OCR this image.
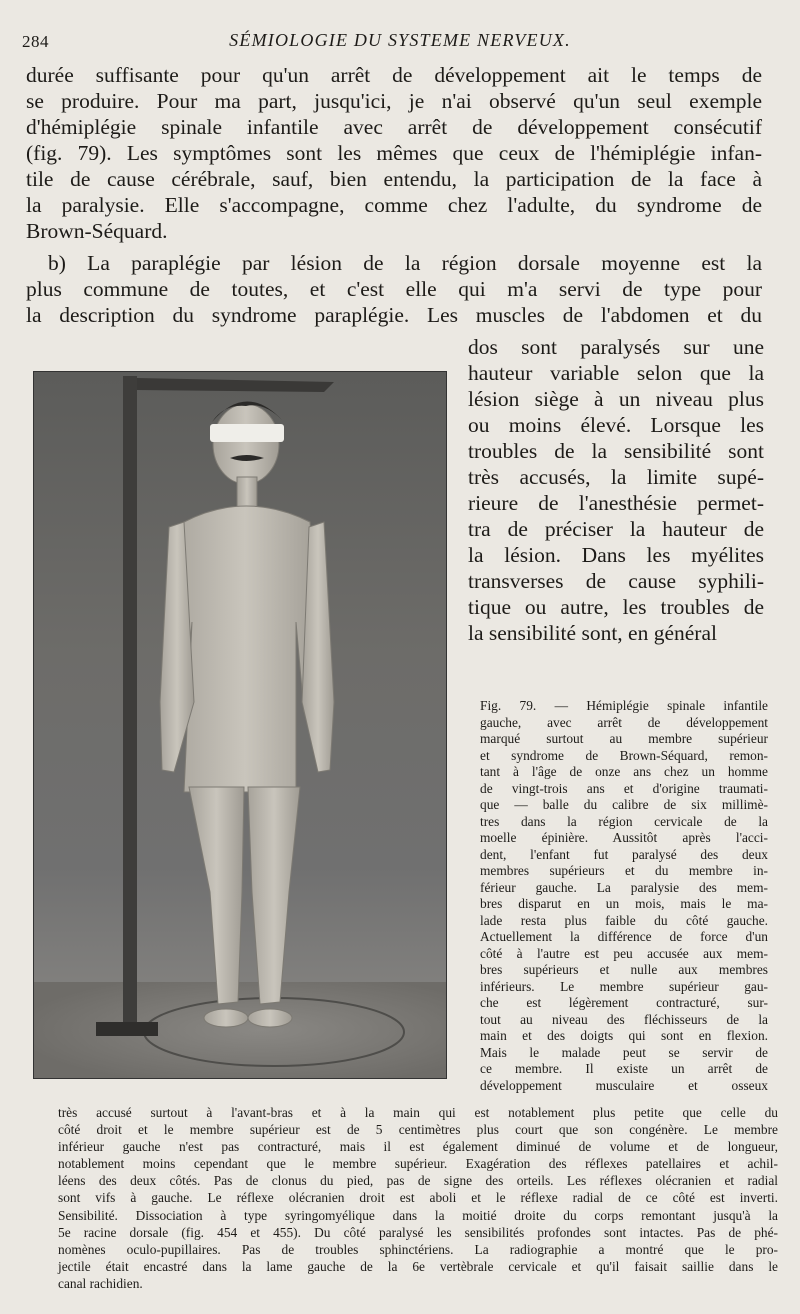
284	SÉMIOLOGIE DU SYSTEME NERVEUX.
durée suffisante pour qu'un arrêt de développement ait le temps de
se produire. Pour ma part, jusqu'ici, je n'ai observé qu'un seul exemple
d'hémiplégie spinale infantile avec arrêt de développement consécutif
(fig. 79). Les symptômes sont les mêmes que ceux de l'hémiplégie infan-
tile de cause cérébrale, sauf, bien entendu, la participation de la face à
la paralysie. Elle s'accompagne, comme chez l'adulte, du syndrome de
Brown-Séquard.
b) La paraplégie par lésion de la région dorsale moyenne est la
plus commune de toutes, et c'est elle qui m'a servi de type pour
la description du syndrome paraplégie. Les muscles de l'abdomen et du
dos sont paralysés sur une
hauteur variable selon que la
lésion siège à un niveau plus
ou moins élevé. Lorsque les
troubles de la sensibilité sont
très accusés, la limite supé-
rieure de l'anesthésie permet-
tra de préciser la hauteur de
la lésion. Dans les myélites
transverses de cause syphili-
tique ou autre, les troubles de
la sensibilité sont, en général
Fig. 79. — Hémiplégie spinale infantile
gauche, avec arrêt de développement
marqué surtout au membre supérieur
et syndrome de Brown-Séquard, remon-
tant à l'âge de onze ans chez un homme
de vingt-trois ans et d'origine traumati-
que — balle du calibre de six millimè-
tres dans la région cervicale de la
moelle épinière. Aussitôt après l'acci-
dent, l'enfant fut paralysé des deux
membres supérieurs et du membre in-
férieur gauche. La paralysie des mem-
bres disparut en un mois, mais le ma-
lade resta plus faible du côté gauche.
Actuellement la différence de force d'un
côté à l'autre est peu accusée aux mem-
bres supérieurs et nulle aux membres
inférieurs. Le membre supérieur gau-
che est légèrement contracturé, sur-
tout au niveau des fléchisseurs de la
main et des doigts qui sont en flexion.
Mais le malade peut se servir de
ce membre. Il existe un arrêt de
développement musculaire et osseux
très accusé surtout à l'avant-bras et à la main qui est notablement plus petite que celle du
côté droit et le membre supérieur est de 5 centimètres plus court que son congénère. Le membre
inférieur gauche n'est pas contracturé, mais il est également diminué de volume et de longueur,
notablement moins cependant que le membre supérieur. Exagération des réflexes patellaires et achil-
léens des deux côtés. Pas de clonus du pied, pas de signe des orteils. Les réflexes olécranien et radial
sont vifs à gauche. Le réflexe olécranien droit est aboli et le réflexe radial de ce côté est inverti.
Sensibilité. Dissociation à type syringomyélique dans la moitié droite du corps remontant jusqu'à la
5e racine dorsale (fig. 454 et 455). Du côté paralysé les sensibilités profondes sont intactes. Pas de phé-
nomènes oculo-pupillaires. Pas de troubles sphinctériens. La radiographie a montré que le pro-
jectile était encastré dans la lame gauche de la 6e vertèbrale cervicale et qu'il faisait saillie dans le
canal rachidien.
